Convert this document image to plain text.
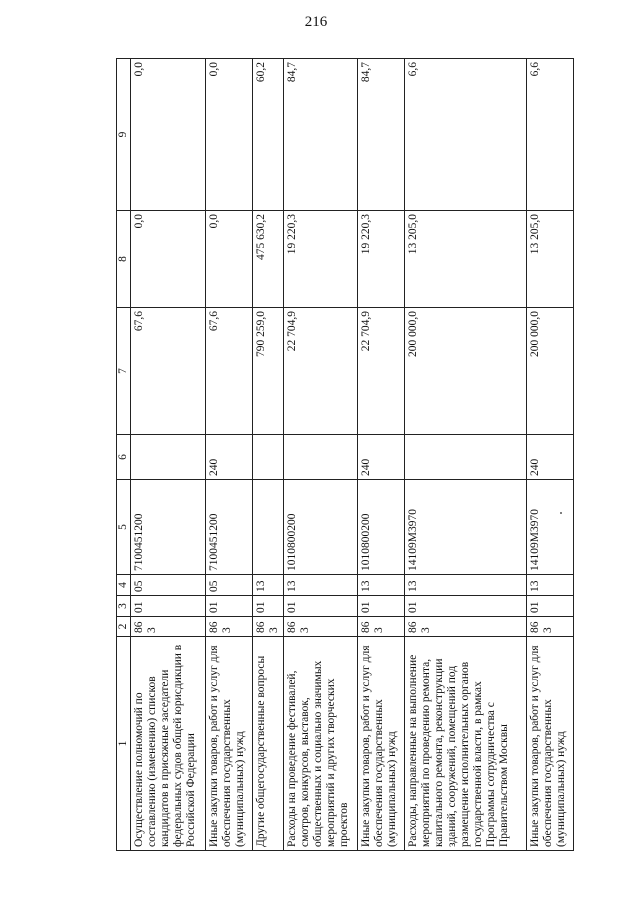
216
1	2	3	4	5	6	7	8	9
Осуществление полномочий по составлению (изменению) списков кандидатов в присяжные заседатели федеральных судов общей юрисдикции в Российской Федерации	863	01	05	7100451200		67,6	0,0	0,0
Иные закупки товаров, работ и услуг для обеспечения государственных (муниципальных) нужд	863	01	05	7100451200	240	67,6	0,0	0,0
Другие общегосударственные вопросы	863	01	13			790 259,0	475 630,2	60,2
Расходы на проведение фестивалей, смотров, конкурсов, выставок, общественных и социально значимых мероприятий и других творческих проектов	863	01	13	1010800200		22 704,9	19 220,3	84,7
Иные закупки товаров, работ и услуг для обеспечения государственных (муниципальных) нужд	863	01	13	1010800200	240	22 704,9	19 220,3	84,7
Расходы, направленные на выполнение мероприятий по проведению ремонта, капитального ремонта, реконструкции зданий, сооружений, помещений под размещение исполнительных органов государственной власти, в рамках Программы сотрудничества с Правительством Москвы	863	01	13	14109М3970		200 000,0	13 205,0	6,6
Иные закупки товаров, работ и услуг для обеспечения государственных (муниципальных) нужд	863	01	13	14109М3970	240	200 000,0	13 205,0	6,6
